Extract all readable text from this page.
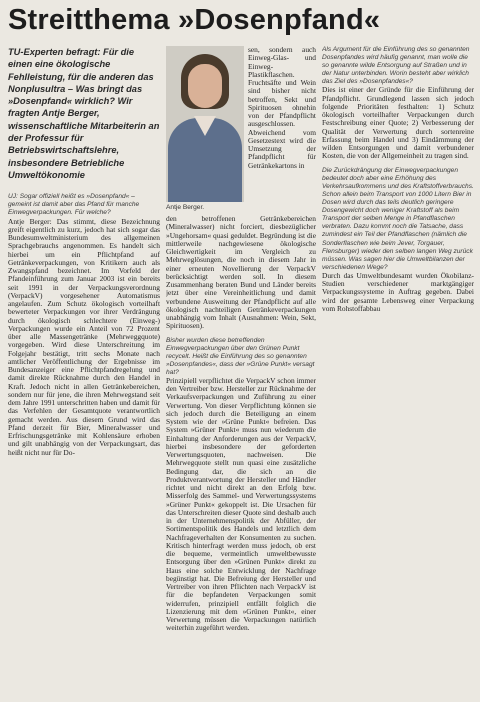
Streitthema »Dosenpfand«

TU-Experten befragt: Für die einen eine ökologische Fehlleistung, für die anderen das Nonplusultra – Was bringt das »Dosenpfand« wirklich? Wir fragten Antje Berger, wissenschaftliche Mitarbeiterin an der Professur für Betriebswirtschaftslehre, insbesondere Betriebliche Umweltökonomie

UJ: Sogar offiziell heißt es »Dosenpfand« – gemeint ist damit aber das Pfand für manche Einwegverpackungen. Für welche?

Antje Berger: Das stimmt, diese Bezeichnung greift eigentlich zu kurz, jedoch hat sich sogar das Bundesumweltministerium des allgemeinen Sprachgebrauchs angenommen. Es handelt sich hierbei um ein Pflichtpfand auf Getränkeverpackungen, von Kritikern auch als Zwangspfand bezeichnet. Im Vorfeld der Pfandeinführung zum Januar 2003 ist ein bereits seit 1991 in der Verpackungsverordnung (VerpackV) vorgesehener Automatismus angelaufen. Zum Schutz ökologisch vorteilhaft bewerteter Verpackungen vor ihrer Verdrängung durch ökologisch schlechtere (Einweg-) Verpackungen wurde ein Anteil von 72 Prozent über alle Massengetränke (Mehrweggquote) vorgegeben. Wird diese Unterschreitung im Folgejahr bestätigt, tritt sechs Monate nach amtlicher Veröffentlichung der Ergebnisse im Bundesanzeiger eine Pflichtpfandregelung und damit direkte Rücknahme durch den Handel in Kraft. Jedoch nicht in allen Getränkebereichen, sondern nur für jene, die ihren Mehrwegstand seit dem Jahre 1991 unterschritten haben und damit für das Verfehlen der Gesamtquote verantwortlich gemacht werden. Aus diesem Grund wird das Pfand derzeit für Bier, Mineralwasser und Erfrischungsgetränke mit Kohlensäure erhoben und gilt unabhängig von der Verpackungsart, das heißt nicht nur für Do-

Antje Berger.

sen, sondern auch Einweg-Glas- und Einweg-Plastikflaschen. Fruchtsäfte und Wein sind bisher nicht betroffen, Sekt und Spirituosen ohnehin von der Pfandpflicht ausgeschlossen. Abweichend vom Gesetzestext wird die Umsetzung der Pfandpflicht für Getränkekartons in

den betroffenen Getränkebereichen (Mineralwasser) nicht forciert, diesbezüglicher »Ungehorsam« quasi geduldet. Begründung ist die mittlerweile nachgewiesene ökologische Gleichwertigkeit im Vergleich zu Mehrweglösungen, die noch in diesem Jahr in einer erneuten Novellierung der VerpackV berücksichtigt werden soll. In diesem Zusammenhang beraten Bund und Länder bereits jetzt über eine Vereinheitlichung und damit verbundene Ausweitung der Pfandpflicht auf alle ökologisch nachteiligen Getränkeverpackungen unabhängig vom Inhalt (Ausnahmen: Wein, Sekt, Spirituosen).

Bisher wurden diese betreffenden Einwegverpackungen über den Grünen Punkt recycelt. Heißt die Einführung des so genannten »Dosenpfandes«, dass der »Grüne Punkt« versagt hat?

Prinzipiell verpflichtet die VerpackV schon immer den Vertreiber bzw. Hersteller zur Rücknahme der Verkaufsverpackungen und Zuführung zu einer Verwertung. Von dieser Verpflichtung können sie sich jedoch durch die Beteiligung an einem System wie der »Grüne Punkt« befreien. Das System »Grüner Punkt« muss nun wiederum die Einhaltung der Anforderungen aus der VerpackV, hierbei insbesondere der geforderten Verwertungsquoten, nachweisen. Die Mehrwegquote stellt nun quasi eine zusätzliche Bedingung dar, die sich an die Produktverantwortung der Hersteller und Händler richtet und nicht direkt an den Erfolg bzw. Misserfolg des Sammel- und Verwertungssystems »Grüner Punkt« gekoppelt ist. Die Ursachen für das Unterschreiten dieser Quote sind deshalb auch in der Unternehmenspolitik der Abfüller, der Sortimentspolitik des Handels und letztlich dem Nachfrageverhalten der Konsumenten zu suchen. Kritisch hinterfragt werden muss jedoch, ob erst die bequeme, vermeintlich umweltbewusste Entsorgung über den »Grünen Punkt« direkt zu Haus eine solche Entwicklung der Nachfrage begünstigt hat. Die Befreiung der Hersteller und Vertreiber von ihren Pflichten nach VerpackV ist für die bepfandeten Verpackungen somit widerrufen, prinzipiell entfällt folglich die Lizenzierung mit dem »Grünen Punkt«, einer Verwertung müssen die Verpackungen natürlich weiterhin zugeführt werden.

Als Argument für die Einführung des so genannten Dosenpfandes wird häufig genannt, man wolle die so genannte wilde Entsorgung auf Straßen und in der Natur unterbinden. Worin besteht aber wirklich das Ziel des »Dosenpfandes«?

Dies ist einer der Gründe für die Einführung der Pfandpflicht. Grundlegend lassen sich jedoch folgende Prioritäten festhalten: 1) Schutz ökologisch vorteilhafter Verpackungen durch Festschreibung einer Quote; 2) Verbesserung der Qualität der Verwertung durch sortenreine Erfassung beim Handel und 3) Eindämmung der wilden Entsorgungen und damit verbundener Kosten, die von der Allgemeinheit zu tragen sind.

Die Zurückdrängung der Einwegverpackungen bedeutet doch aber eine Erhöhung des Verkehrsaufkommens und des Kraftstoffverbrauchs. Schon allein beim Transport von 1000 Litern Bier in Dosen wird durch das teils deutlich geringere Dosengewicht doch weniger Kraftstoff als beim Transport der selben Menge in Pfandflaschen verbraten. Dazu kommt noch die Tatsache, dass zumindest ein Teil der Pfandflaschen (nämlich die Sonderflaschen wie beim Jever, Torgauer, Flensburger) wieder den selben langen Weg zurück müssen. Was sagen hier die Umweltbilanzen der verschiedenen Wege?

Durch das Umweltbundesamt wurden Ökobilanz-Studien verschiedener marktgängiger Verpackungssysteme in Auftrag gegeben. Dabei wird der gesamte Lebensweg einer Verpackung vom Rohstoffabbau
